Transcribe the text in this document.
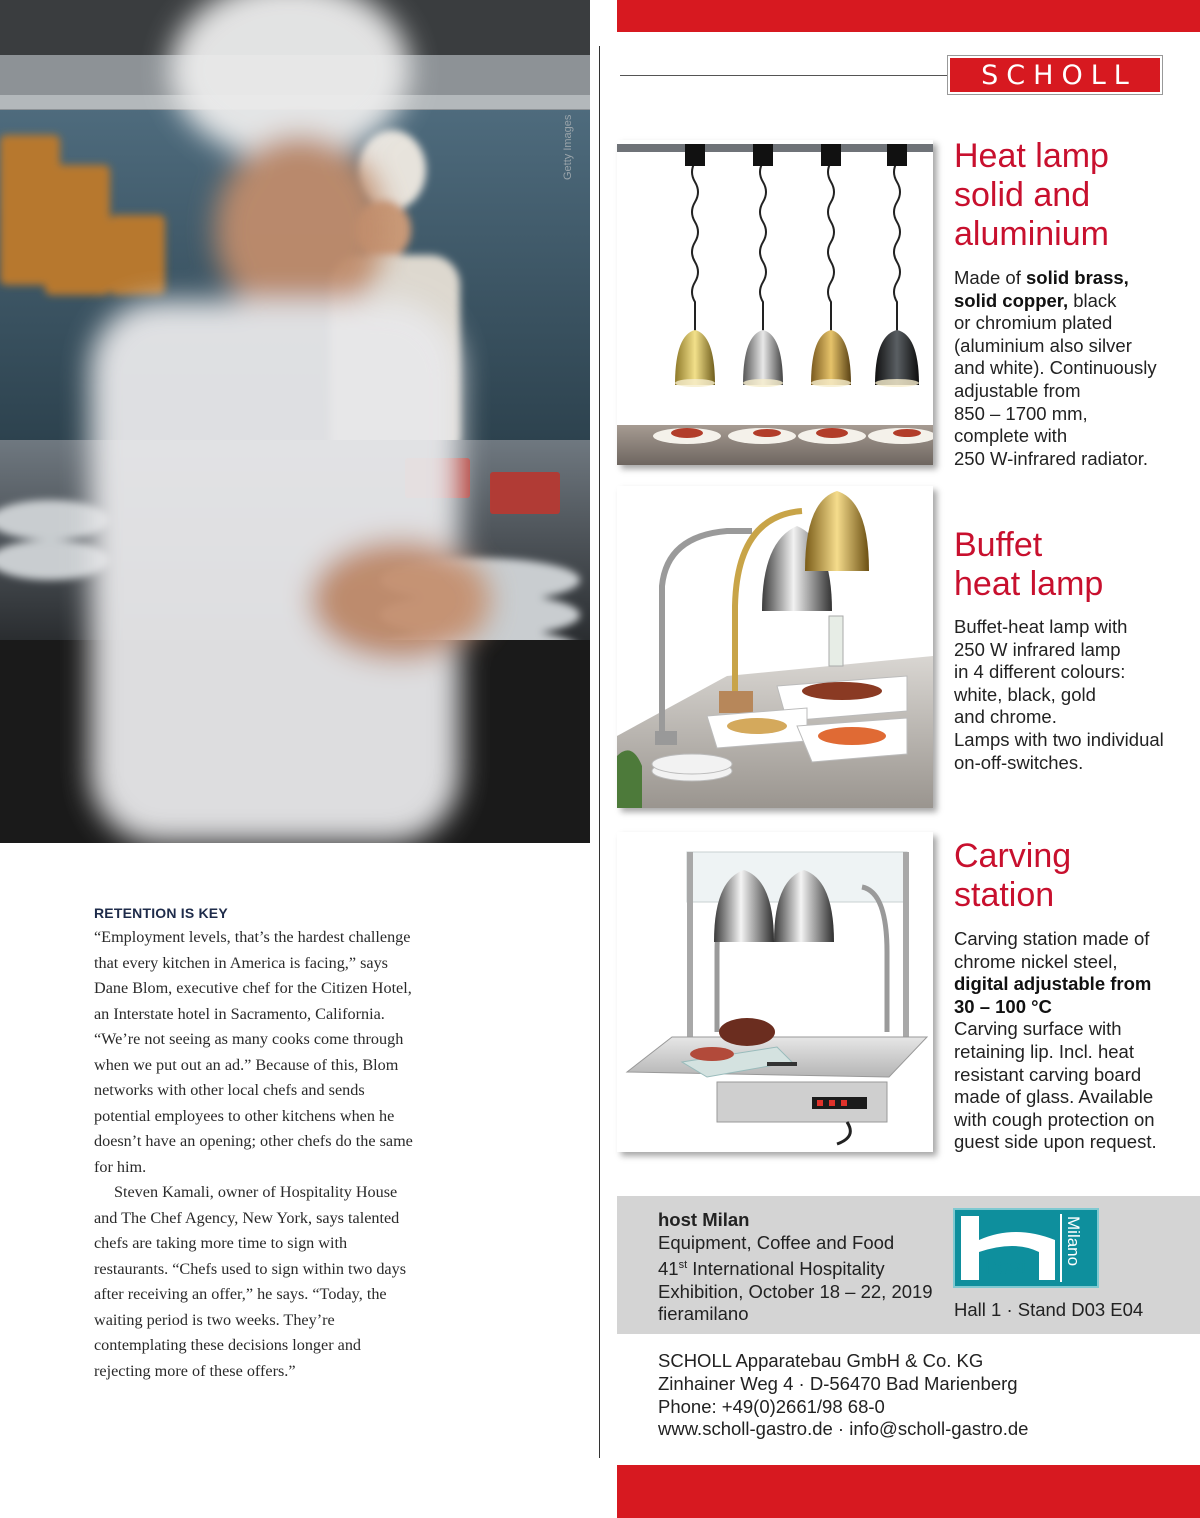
Getty Images
RETENTION IS KEY

“Employment levels, that’s the hardest challenge that every kitchen in America is facing,” says Dane Blom, executive chef for the Citizen Hotel, an Interstate hotel in Sacramento, California. “We’re not seeing as many cooks come through when we put out an ad.” Because of this, Blom networks with other local chefs and sends potential employees to other kitchens when he doesn’t have an opening; other chefs do the same for him.

Steven Kamali, owner of Hospitality House and The Chef Agency, New York, says talented chefs are taking more time to sign with restaurants. “Chefs used to sign within two days after receiving an offer,” he says. “Today, the waiting period is two weeks. They’re contemplating these decisions longer and rejecting more of these offers.”

SCHOLL
Heat lamp
solid and
aluminium
Made of solid brass,
solid copper, black
or chromium plated
(aluminium also silver
and white). Continuously
adjustable from
850 – 1700 mm,
complete with
250 W-infrared radiator.
Buffet
heat lamp
Buffet-heat lamp with
250 W infrared lamp
in 4 different colours:
white, black, gold
and chrome.
Lamps with two individual
on-off-switches.
Carving
station
Carving station made of
chrome nickel steel,
digital adjustable from
30 – 100 °C
Carving surface with
retaining lip. Incl. heat
resistant carving board
made of glass. Available
with cough protection on
guest side upon request.
host Milan
Equipment, Coffee and Food
41st International Hospitality
Exhibition, October 18 – 22, 2019
fieramilano
host
Milano
Hall 1 · Stand D03 E04
SCHOLL Apparatebau GmbH & Co. KG
Zinhainer Weg 4 · D-56470 Bad Marienberg
Phone: +49(0)2661/98 68-0
www.scholl-gastro.de · info@scholl-gastro.de
